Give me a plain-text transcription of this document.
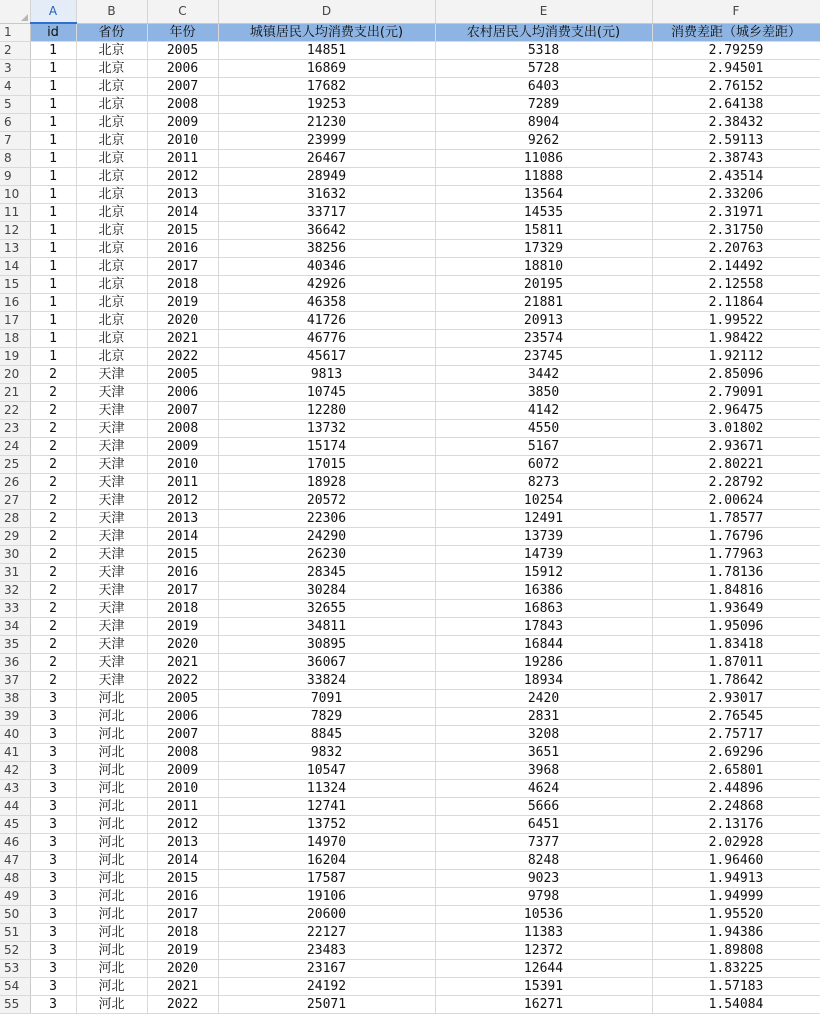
	A	B	C	D	E	F
1	id	省份	年份	城镇居民人均消费支出(元)	农村居民人均消费支出(元)	消费差距（城乡差距）
2	1	北京	2005	14851	5318	2.79259
3	1	北京	2006	16869	5728	2.94501
4	1	北京	2007	17682	6403	2.76152
5	1	北京	2008	19253	7289	2.64138
6	1	北京	2009	21230	8904	2.38432
7	1	北京	2010	23999	9262	2.59113
8	1	北京	2011	26467	11086	2.38743
9	1	北京	2012	28949	11888	2.43514
10	1	北京	2013	31632	13564	2.33206
11	1	北京	2014	33717	14535	2.31971
12	1	北京	2015	36642	15811	2.31750
13	1	北京	2016	38256	17329	2.20763
14	1	北京	2017	40346	18810	2.14492
15	1	北京	2018	42926	20195	2.12558
16	1	北京	2019	46358	21881	2.11864
17	1	北京	2020	41726	20913	1.99522
18	1	北京	2021	46776	23574	1.98422
19	1	北京	2022	45617	23745	1.92112
20	2	天津	2005	9813	3442	2.85096
21	2	天津	2006	10745	3850	2.79091
22	2	天津	2007	12280	4142	2.96475
23	2	天津	2008	13732	4550	3.01802
24	2	天津	2009	15174	5167	2.93671
25	2	天津	2010	17015	6072	2.80221
26	2	天津	2011	18928	8273	2.28792
27	2	天津	2012	20572	10254	2.00624
28	2	天津	2013	22306	12491	1.78577
29	2	天津	2014	24290	13739	1.76796
30	2	天津	2015	26230	14739	1.77963
31	2	天津	2016	28345	15912	1.78136
32	2	天津	2017	30284	16386	1.84816
33	2	天津	2018	32655	16863	1.93649
34	2	天津	2019	34811	17843	1.95096
35	2	天津	2020	30895	16844	1.83418
36	2	天津	2021	36067	19286	1.87011
37	2	天津	2022	33824	18934	1.78642
38	3	河北	2005	7091	2420	2.93017
39	3	河北	2006	7829	2831	2.76545
40	3	河北	2007	8845	3208	2.75717
41	3	河北	2008	9832	3651	2.69296
42	3	河北	2009	10547	3968	2.65801
43	3	河北	2010	11324	4624	2.44896
44	3	河北	2011	12741	5666	2.24868
45	3	河北	2012	13752	6451	2.13176
46	3	河北	2013	14970	7377	2.02928
47	3	河北	2014	16204	8248	1.96460
48	3	河北	2015	17587	9023	1.94913
49	3	河北	2016	19106	9798	1.94999
50	3	河北	2017	20600	10536	1.95520
51	3	河北	2018	22127	11383	1.94386
52	3	河北	2019	23483	12372	1.89808
53	3	河北	2020	23167	12644	1.83225
54	3	河北	2021	24192	15391	1.57183
55	3	河北	2022	25071	16271	1.54084
